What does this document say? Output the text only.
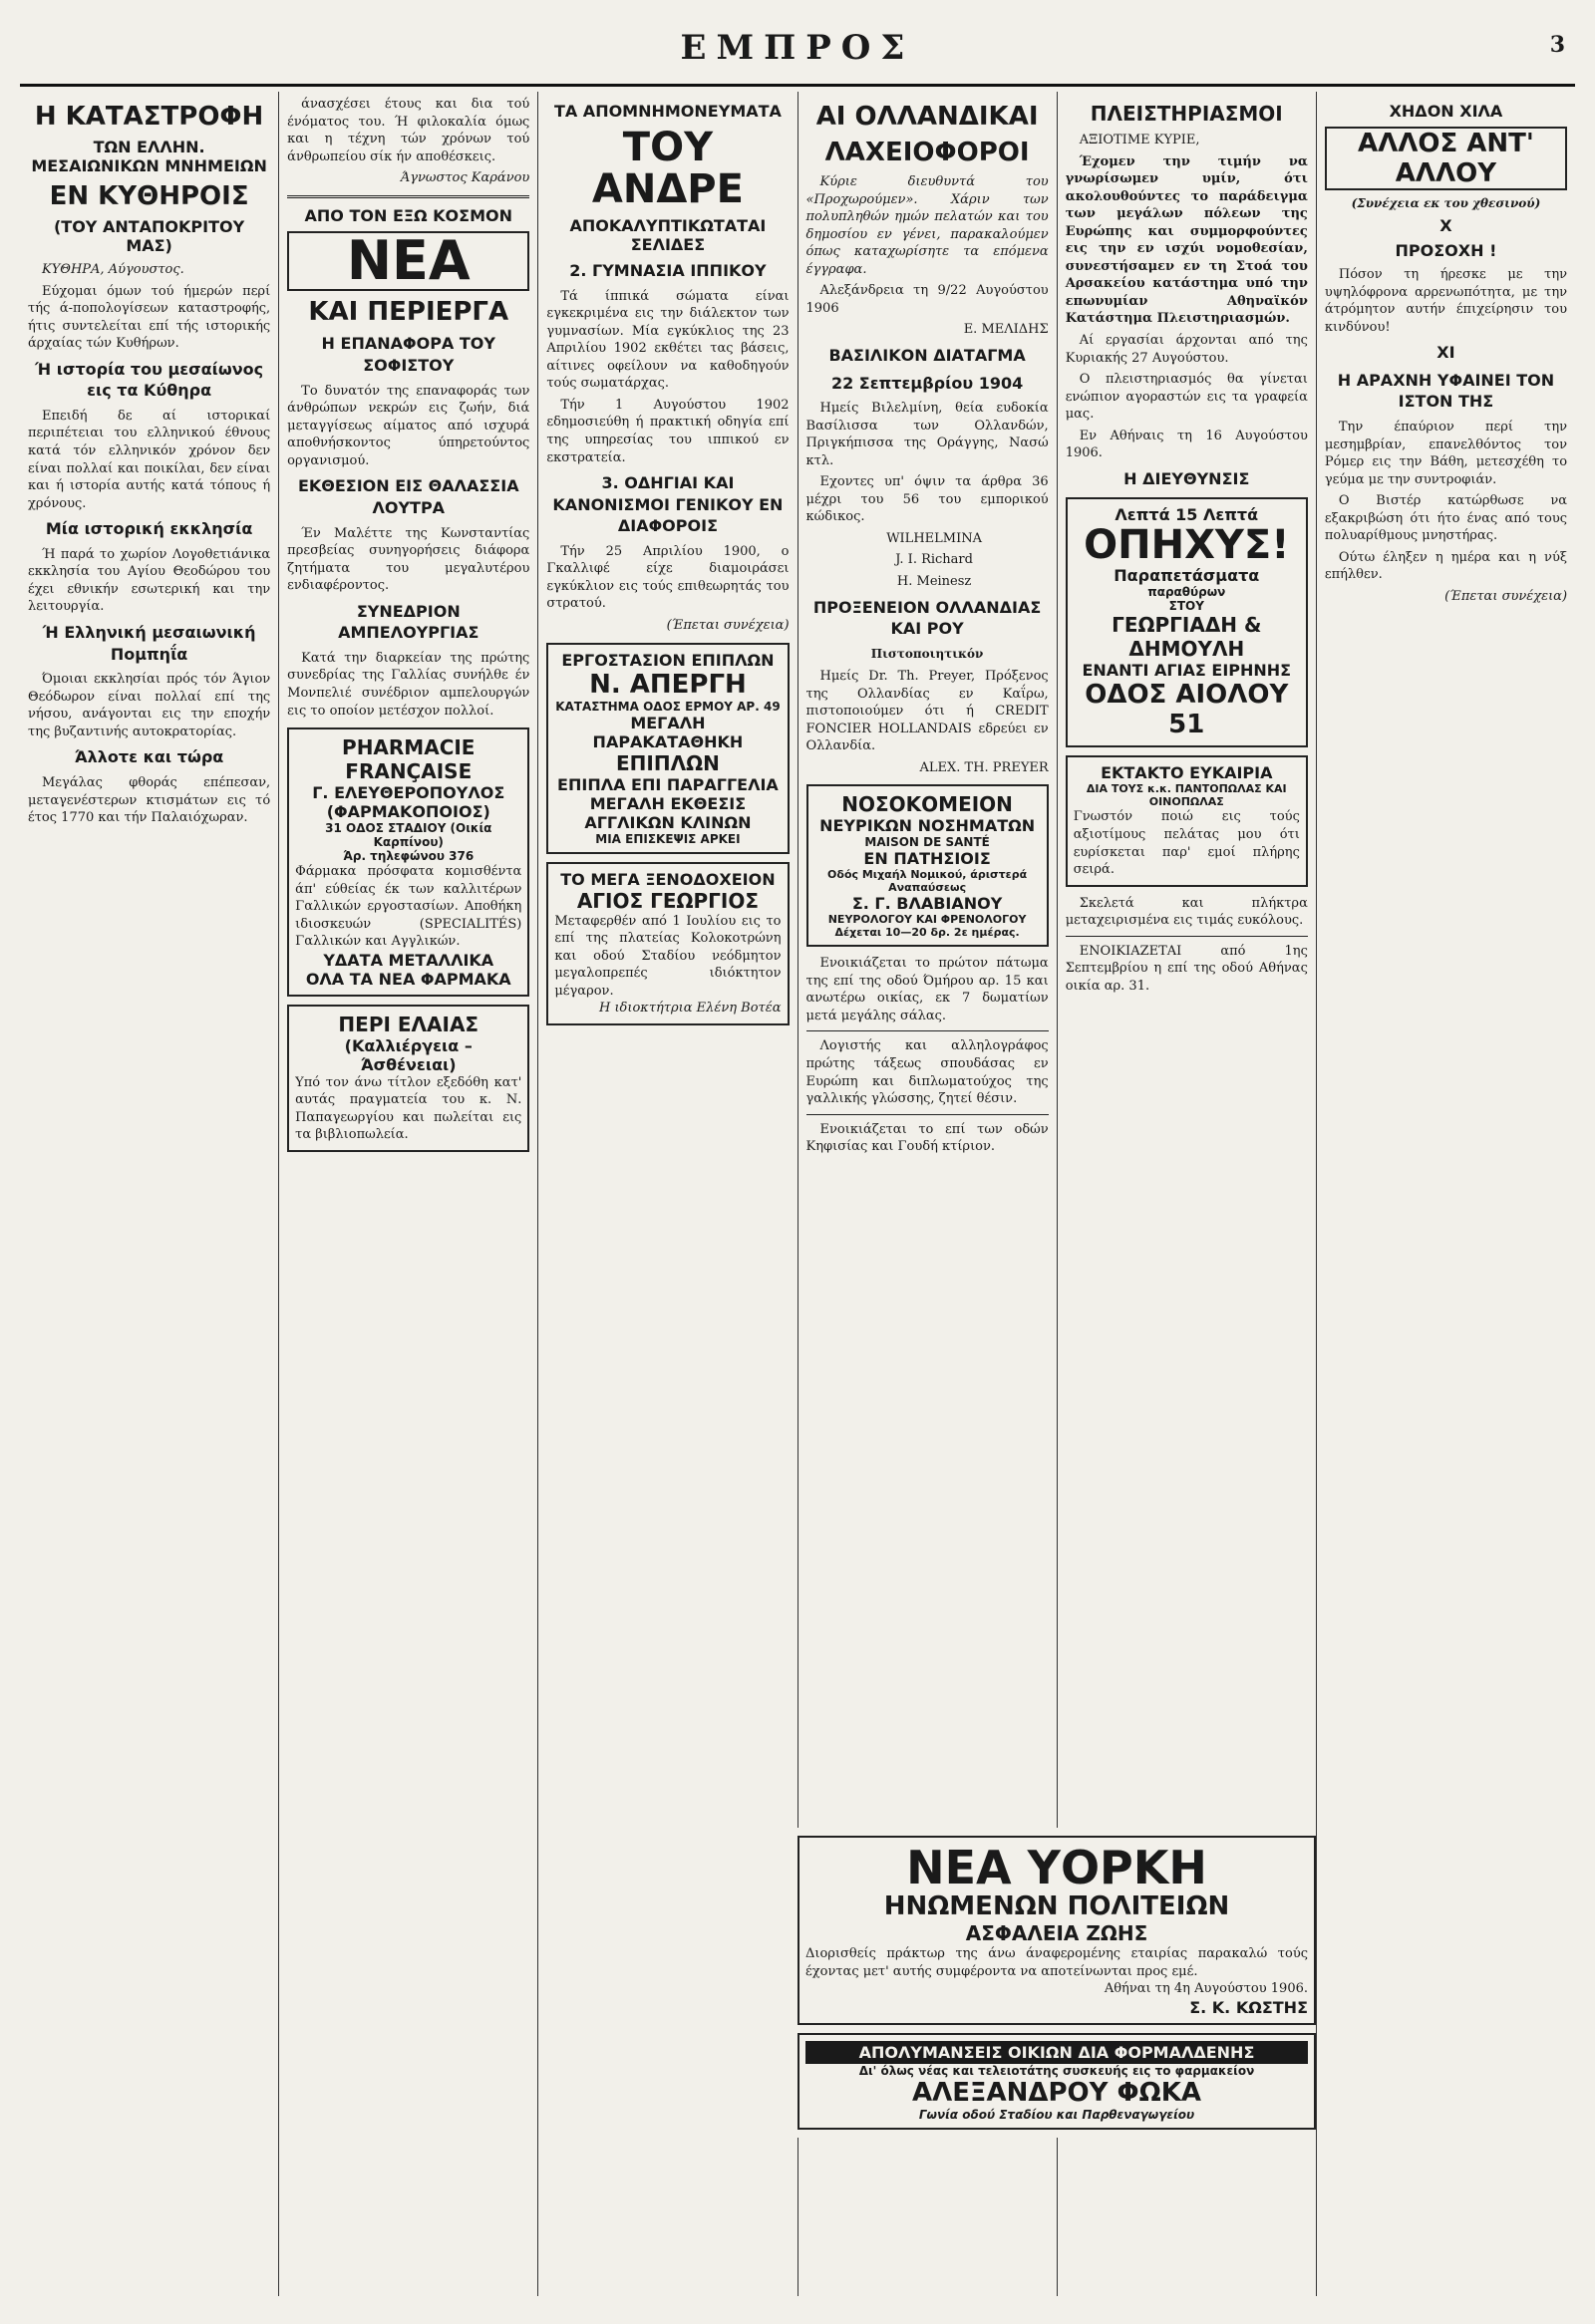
ΕΜΠΡΟΣ	3
Η ΚΑΤΑΣΤΡΟΦΗ
ΤΩΝ ΕΛΛΗΝ. ΜΕΣΑΙΩΝΙΚΩΝ ΜΝΗΜΕΙΩΝ
ΕΝ ΚΥΘΗΡΟΙΣ
(ΤΟΥ ΑΝΤΑΠΟΚΡΙΤΟΥ ΜΑΣ)

ΚΥΘΗΡΑ, Αύγουστος.

Εύχομαι όμων τού ήμερών περί τής ά-ποπολογίσεων καταστροφής, ήτις συντελείται επί τής ιστορικής άρχαίας τών Κυθήρων.

Ή ιστορία του μεσαίωνος εις τα Κύθηρα

Επειδή δε αί ιστορικαί περιπέτειαι του ελληνικού έθνους κατά τόν ελληνικόν χρόνον δεν είναι πολλαί και ποικίλαι, δεν είναι και ή ιστορία αυτής κατά τόπους ή χρόνους.

Μία ιστορική εκκλησία

Ή παρά το χωρίον Λογοθετιάνικα εκκλησία του Αγίου Θεοδώρου του έχει εθνικήν εσωτερική και την λειτουργία.

Ή Ελληνική μεσαιωνική Πομπηΐα

Όμοιαι εκκλησίαι πρός τόν Άγιον Θεόδωρον είναι πολλαί επί της νήσου, ανάγονται εις την εποχήν της βυζαντινής αυτοκρατορίας.

Άλλοτε και τώρα

Μεγάλας φθοράς επέπεσαν, μεταγενέστερων κτισμάτων εις τό έτος 1770 και τήν Παλαιόχωραν.

άνασχέσει έτους και δια τού ένόματος του. Ή φιλοκαλία όμως και η τέχνη τών χρόνων τού άνθρωπείου σίκ ήν αποθέσκεις.

Άγνωστος Καράνου

ΑΠΟ ΤΟΝ ΕΞΩ ΚΟΣΜΟΝ
ΝΕΑ
ΚΑΙ ΠΕΡΙΕΡΓΑ
Η ΕΠΑΝΑΦΟΡΑ ΤΟΥ ΣΟΦΙΣΤΟΥ

Το δυνατόν της επαναφοράς των άνθρώπων νεκρών εις ζωήν, διά μεταγγίσεως αίματος από ισχυρά αποθνήσκοντος ύπηρετούντος οργανισμού.

ΕΚΘΕΣΙΟΝ ΕΙΣ ΘΑΛΑΣΣΙΑ ΛΟΥΤΡΑ

Έν Μαλέττε της Κωνσταντίας πρεσβείας συνηγορήσεις διάφορα ζητήματα του μεγαλυτέρου ενδιαφέροντος.

ΣΥΝΕΔΡΙΟΝ ΑΜΠΕΛΟΥΡΓΙΑΣ

Κατά την διαρκείαν της πρώτης συνεδρίας της Γαλλίας συνήλθε έν Μονπελιέ συνέδριον αμπελουργών εις το οποίον μετέσχον πολλοί.

PHARMACIE FRANÇAISE
Γ. ΕΛΕΥΘΕΡΟΠΟΥΛΟΣ (ΦΑΡΜΑΚΟΠΟΙΟΣ)
31 ΟΔΟΣ ΣΤΑΔΙΟΥ (Οικία Καρπίνου)
Άρ. τηλεφώνου 376
Φάρμακα πρόσφατα κομισθέντα άπ' εύθείας έκ των καλλιτέρων Γαλλικών εργοστασίων. Αποθήκη ιδιοσκευών (SPECIALITÉS) Γαλλικών και Αγγλικών.
ΥΔΑΤΑ ΜΕΤΑΛΛΙΚΑ
ΟΛΑ ΤΑ ΝΕΑ ΦΑΡΜΑΚΑ
ΠΕΡΙ ΕΛΑΙΑΣ
(Καλλιέργεια – Άσθένειαι)
Υπό τον άνω τίτλον εξεδόθη κατ' αυτάς πραγματεία του κ. Ν. Παπαγεωργίου και πωλείται εις τα βιβλιοπωλεία.
ΤΑ ΑΠΟΜΝΗΜΟΝΕΥΜΑΤΑ
ΤΟΥ ΑΝΔΡΕ
ΑΠΟΚΑΛΥΠΤΙΚΩΤΑΤΑΙ ΣΕΛΙΔΕΣ
2. ΓΥΜΝΑΣΙΑ ΙΠΠΙΚΟΥ

Τά ίππικά σώματα είναι εγκεκριμένα εις την διάλεκτον των γυμνασίων. Μία εγκύκλιος της 23 Απριλίου 1902 εκθέτει τας βάσεις, αίτινες οφείλουν να καθοδηγούν τούς σωματάρχας.

Τήν 1 Αυγούστου 1902 εδημοσιεύθη ή πρακτική οδηγία επί της υπηρεσίας του ιππικού εν εκστρατεία.

3. ΟΔΗΓΙΑΙ ΚΑΙ ΚΑΝΟΝΙΣΜΟΙ ΓΕΝΙΚΟΥ ΕΝ ΔΙΑΦΟΡΟΙΣ

Τήν 25 Απριλίου 1900, ο Γκαλλιφέ είχε διαμοιράσει εγκύκλιον εις τούς επιθεωρητάς του στρατού.

(Έπεται συνέχεια)

ΕΡΓΟΣΤΑΣΙΟΝ ΕΠΙΠΛΩΝ
Ν. ΑΠΕΡΓΗ
ΚΑΤΑΣΤΗΜΑ ΟΔΟΣ ΕΡΜΟΥ ΑΡ. 49
ΜΕΓΑΛΗ ΠΑΡΑΚΑΤΑΘΗΚΗ
ΕΠΙΠΛΩΝ
ΕΠΙΠΛΑ ΕΠΙ ΠΑΡΑΓΓΕΛΙΑ
ΜΕΓΑΛΗ ΕΚΘΕΣΙΣ ΑΓΓΛΙΚΩΝ ΚΛΙΝΩΝ
ΜΙΑ ΕΠΙΣΚΕΨΙΣ ΑΡΚΕΙ
ΤΟ ΜΕΓΑ ΞΕΝΟΔΟΧΕΙΟΝ
ΑΓΙΟΣ ΓΕΩΡΓΙΟΣ
Μεταφερθέν από 1 Ιουλίου εις το επί της πλατείας Κολοκοτρώνη και οδού Σταδίου νεόδμητον μεγαλοπρεπές ιδιόκτητον μέγαρον.
Η ιδιοκτήτρια Ελένη Βοτέα
ΑΙ ΟΛΛΑΝΔΙΚΑΙ
ΛΑΧΕΙΟΦΟΡΟΙ

Κύριε διευθυντά του «Προχωρούμεν». Χάριν των πολυπληθών ημών πελατών και του δημοσίου εν γένει, παρακαλούμεν όπως καταχωρίσητε τα επόμενα έγγραφα.

Αλεξάνδρεια τη 9/22 Αυγούστου 1906

Ε. ΜΕΛΙΔΗΣ

ΒΑΣΙΛΙΚΟΝ ΔΙΑΤΑΓΜΑ
22 Σεπτεμβρίου 1904

Ημείς Βιλελμίνη, θεία ευδοκία Βασίλισσα των Ολλανδών, Πριγκήπισσα της Οράγγης, Νασώ κτλ.

Εχοντες υπ' όψιν τα άρθρα 36 μέχρι του 56 του εμπορικού κώδικος.

WILHELMINA

J. I. Richard

H. Meinesz

ΠΡΟΞΕΝΕΙΟΝ ΟΛΛΑΝΔΙΑΣ ΚΑΙ ΡΟΥ
Πιστοποιητικόν

Ημείς Dr. Th. Preyer, Πρόξενος της Ολλανδίας εν Καΐρω, πιστοποιούμεν ότι ή CREDIT FONCIER HOLLANDAIS εδρεύει εν Ολλανδία.

ALEX. TH. PREYER

ΝΟΣΟΚΟΜΕΙΟΝ
ΝΕΥΡΙΚΩΝ ΝΟΣΗΜΑΤΩΝ
MAISON DE SANTÉ
ΕΝ ΠΑΤΗΣΙΟΙΣ
Οδός Μιχαήλ Νομικού, άριστερά Αναπαύσεως
Σ. Γ. ΒΛΑΒΙΑΝΟΥ
ΝΕΥΡΟΛΟΓΟΥ ΚΑΙ ΦΡΕΝΟΛΟΓΟΥ
Δέχεται 10—20 δρ. 2ε ημέρας.

Ενοικιάζεται το πρώτον πάτωμα της επί της οδού Όμήρου αρ. 15 και ανωτέρω οικίας, εκ 7 δωματίων μετά μεγάλης σάλας.

Λογιστής και αλληλογράφος πρώτης τάξεως σπουδάσας εν Ευρώπη και διπλωματούχος της γαλλικής γλώσσης, ζητεί θέσιν.

Ενοικιάζεται το επί των οδών Κηφισίας και Γουδή κτίριον.

ΠΛΕΙΣΤΗΡΙΑΣΜΟΙ

ΑΞΙΟΤΙΜΕ ΚΥΡΙΕ,

Έχομεν την τιμήν να γνωρίσωμεν υμίν, ότι ακολουθούντες το παράδειγμα των μεγάλων πόλεων της Ευρώπης και συμμορφούντες εις την εν ισχύι νομοθεσίαν, συνεστήσαμεν εν τη Στοά του Αρσακείου κατάστημα υπό την επωνυμίαν Αθηναϊκόν Κατάστημα Πλειστηριασμών.

Αί εργασίαι άρχονται από της Κυριακής 27 Αυγούστου.

Ο πλειστηριασμός θα γίνεται ενώπιον αγοραστών εις τα γραφεία μας.

Εν Αθήναις τη 16 Αυγούστου 1906.

Η ΔΙΕΥΘΥΝΣΙΣ
Λεπτά 15 Λεπτά
ΟΠΗΧΥΣ!
Παραπετάσματα
παραθύρων
ΣΤΟΥ
ΓΕΩΡΓΙΑΔΗ & ΔΗΜΟΥΛΗ
ΕΝΑΝΤΙ ΑΓΙΑΣ ΕΙΡΗΝΗΣ
ΟΔΟΣ ΑΙΟΛΟΥ 51
ΕΚΤΑΚΤΟ ΕΥΚΑΙΡΙΑ
ΔΙΑ ΤΟΥΣ κ.κ. ΠΑΝΤΟΠΩΛΑΣ ΚΑΙ ΟΙΝΟΠΩΛΑΣ
Γνωστόν ποιώ εις τούς αξιοτίμους πελάτας μου ότι ευρίσκεται παρ' εμοί πλήρης σειρά.

Σκελετά και πλήκτρα μεταχειρισμένα εις τιμάς ευκόλους.

ΕΝΟΙΚΙΑΖΕΤΑΙ από 1ης Σεπτεμβρίου η επί της οδού Αθήνας οικία αρ. 31.

ΧΗΔΟΝ ΧΙΛΑ
ΑΛΛΟΣ ΑΝΤ' ΑΛΛΟΥ
(Συνέχεια εκ του χθεσινού)
X
ΠΡΟΣΟΧΗ !

Πόσον τη ήρεσκε με την υψηλόφρονα αρρενωπότητα, με την άτρόμητον αυτήν έπιχείρησιν του κινδύνου!

XI
Η ΑΡΑΧΝΗ ΥΦΑΙΝΕΙ ΤΟΝ ΙΣΤΟΝ ΤΗΣ

Την έπαύριον περί την μεσημβρίαν, επανελθόντος τον Ρόμερ εις την Βάθη, μετεσχέθη το γεύμα με την συντροφιάν.

Ο Βιστέρ κατώρθωσε να εξακριβώση ότι ήτο ένας από τους πολυαρίθμους μνηστήρας.

Ούτω έληξεν η ημέρα και η νύξ επήλθεν.

(Έπεται συνέχεια)

ΝΕΑ ΥΟΡΚΗ
ΗΝΩΜΕΝΩΝ ΠΟΛΙΤΕΙΩΝ
ΑΣΦΑΛΕΙΑ ΖΩΗΣ
Διορισθείς πράκτωρ της άνω άναφερομένης εταιρίας παρακαλώ τούς έχοντας μετ' αυτής συμφέροντα να αποτείνωνται προς εμέ.
Αθήναι τη 4η Αυγούστου 1906.
Σ. Κ. ΚΩΣΤΗΣ
ΑΠΟΛΥΜΑΝΣΕΙΣ ΟΙΚΙΩΝ ΔΙΑ ΦΟΡΜΑΛΔΕΝΗΣ
Δι' όλως νέας και τελειοτάτης συσκευής εις το φαρμακείον
ΑΛΕΞΑΝΔΡΟΥ ΦΩΚΑ
Γωνία οδού Σταδίου και Παρθεναγωγείου
